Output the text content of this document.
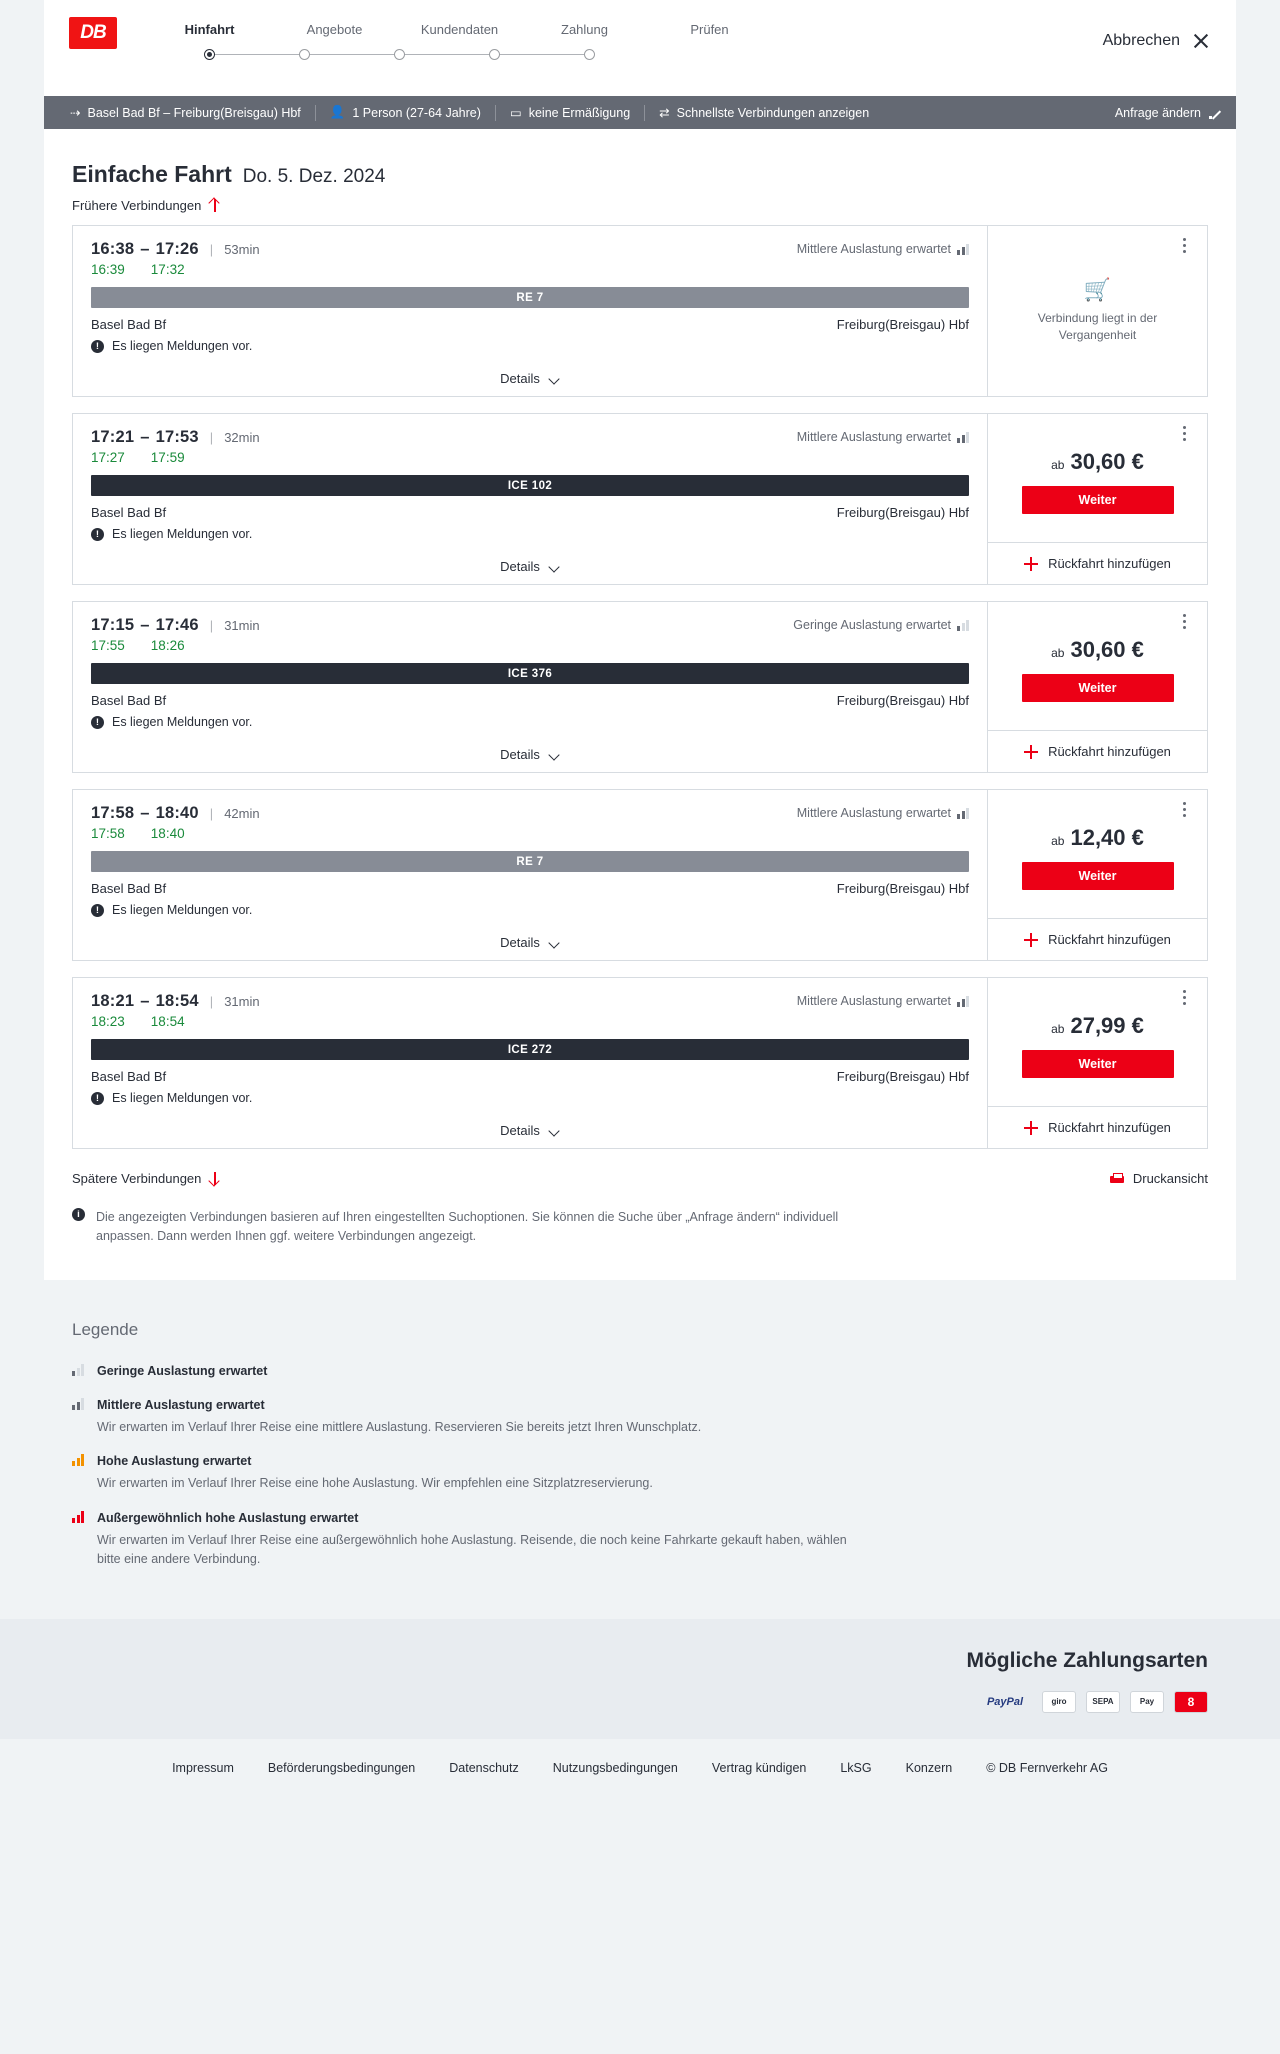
DB	Hinfahrt	Angebote	Kundendaten	Zahlung	Prüfen
Abbrechen
⇢ Basel Bad Bf – Freiburg(Breisgau) Hbf 👤 1 Person (27-64 Jahre) ▭ keine Ermäßigung ⇄ Schnellste Verbindungen anzeigen	Anfrage ändern
Einfache Fahrt Do. 5. Dez. 2024
Frühere Verbindungen
16:38 – 17:26 | 53min	Mittlere Auslastung erwartet
16:39 17:32
RE 7
Basel Bad Bf	Freiburg(Breisgau) Hbf
!	Es liegen Meldungen vor.
Details
🛒
Verbindung liegt in der Vergangenheit
17:21 – 17:53 | 32min	Mittlere Auslastung erwartet
17:27 17:59
ICE 102
Basel Bad Bf	Freiburg(Breisgau) Hbf
!	Es liegen Meldungen vor.
Details
ab 30,60 €
Weiter
Rückfahrt hinzufügen
17:15 – 17:46 | 31min	Geringe Auslastung erwartet
17:55 18:26
ICE 376
Basel Bad Bf	Freiburg(Breisgau) Hbf
!	Es liegen Meldungen vor.
Details
ab 30,60 €
Weiter
Rückfahrt hinzufügen
17:58 – 18:40 | 42min	Mittlere Auslastung erwartet
17:58 18:40
RE 7
Basel Bad Bf	Freiburg(Breisgau) Hbf
!	Es liegen Meldungen vor.
Details
ab 12,40 €
Weiter
Rückfahrt hinzufügen
18:21 – 18:54 | 31min	Mittlere Auslastung erwartet
18:23 18:54
ICE 272
Basel Bad Bf	Freiburg(Breisgau) Hbf
!	Es liegen Meldungen vor.
Details
ab 27,99 €
Weiter
Rückfahrt hinzufügen
Spätere Verbindungen	Druckansicht
i	Die angezeigten Verbindungen basieren auf Ihren eingestellten Suchoptionen. Sie können die Suche über „Anfrage ändern“ individuell anpassen. Dann werden Ihnen ggf. weitere Verbindungen angezeigt.
Legende
Geringe Auslastung erwartet
Mittlere Auslastung erwartet
Wir erwarten im Verlauf Ihrer Reise eine mittlere Auslastung. Reservieren Sie bereits jetzt Ihren Wunschplatz.
Hohe Auslastung erwartet
Wir erwarten im Verlauf Ihrer Reise eine hohe Auslastung. Wir empfehlen eine Sitzplatzreservierung.
Außergewöhnlich hohe Auslastung erwartet
Wir erwarten im Verlauf Ihrer Reise eine außergewöhnlich hohe Auslastung. Reisende, die noch keine Fahrkarte gekauft haben, wählen bitte eine andere Verbindung.
Mögliche Zahlungsarten
PayPal	giro	SEPA	Pay	8
Impressum	Beförderungsbedingungen	Datenschutz	Nutzungsbedingungen	Vertrag kündigen	LkSG	Konzern	© DB Fernverkehr AG
